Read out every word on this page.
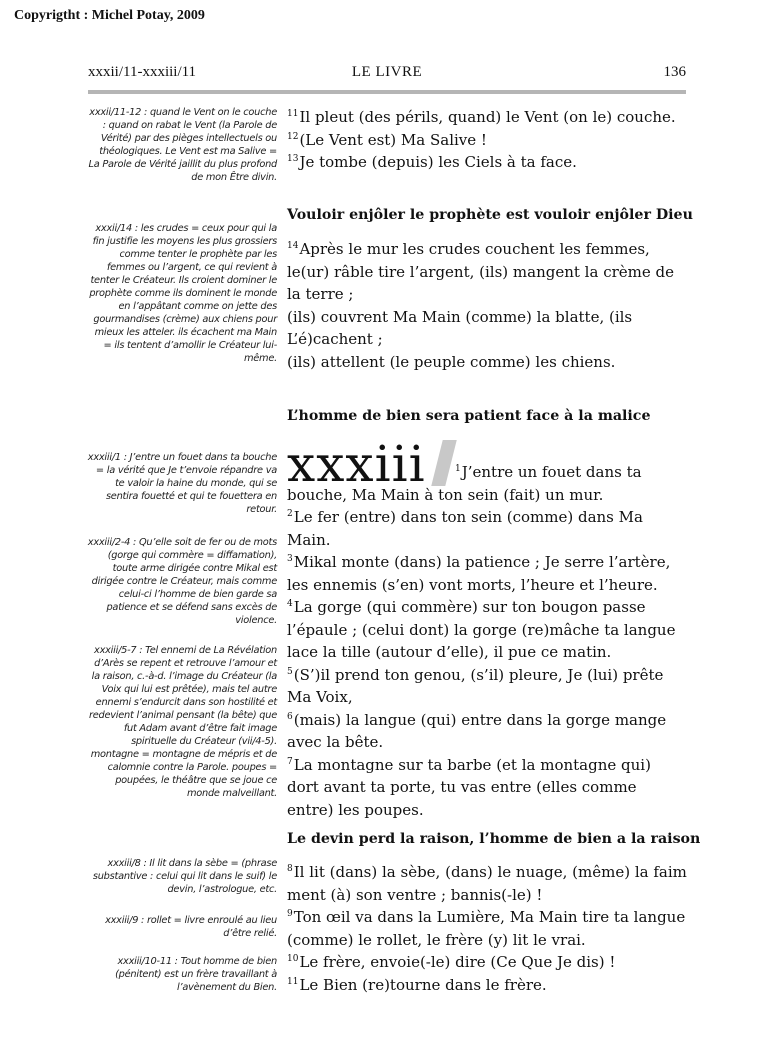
Copyrigtht : Michel Potay, 2009
xxxii/11-xxxiii/11	LE LIVRE	136
xxxii/11-12 : quand le Vent on le couche : quand on rabat le Vent (la Parole de Vérité) par des pièges intellectuels ou théologiques. Le Vent est ma Salive = La Parole de Vérité jaillit du plus profond de mon Être divin.
xxxii/14 : les crudes = ceux pour qui la fin justifie les moyens les plus grossiers comme tenter le prophète par les femmes ou l’argent, ce qui revient à tenter le Créateur. Ils croient dominer le prophète comme ils dominent le monde en l’appâtant comme on jette des gourmandises (crème) aux chiens pour mieux les atteler. ils écachent ma Main = ils tentent d’amollir le Créateur lui-même.
xxxiii/1 : J’entre un fouet dans ta bouche = la vérité que Je t’envoie répandre va te valoir la haine du monde, qui se sentira fouetté et qui te fouettera en retour.
xxxiii/2-4 : Qu’elle soit de fer ou de mots (gorge qui commère = diffamation), toute arme dirigée contre Mikal est dirigée contre le Créateur, mais comme celui-ci l’homme de bien garde sa patience et se défend sans excès de violence.
xxxiii/5-7 : Tel ennemi de La Révélation d’Arès se repent et retrouve l’amour et la raison, c.-à-d. l’image du Créateur (la Voix qui lui est prêtée), mais tel autre ennemi s’endurcit dans son hostilité et redevient l’animal pensant (la bête) que fut Adam avant d’être fait image spirituelle du Créateur (vii/4-5). montagne = montagne de mépris et de calomnie contre la Parole. poupes = poupées, le théâtre que se joue ce monde malveillant.
xxxiii/8 : Il lit dans la sèbe = (phrase substantive : celui qui lit dans le suif) le devin, l’astrologue, etc.
xxxiii/9 : rollet = livre enroulé au lieu d’être relié.
xxxiii/10-11 : Tout homme de bien (pénitent) est un frère travaillant à l’avènement du Bien.

$^{11}$Il pleut (des périls, quand) le Vent (on le) couche.

$^{12}$(Le Vent est) Ma Salive !

$^{13}$Je tombe (depuis) les Ciels à ta face.

Vouloir enjôler le prophète est vouloir enjôler Dieu

$^{14}$Après le mur les crudes couchent les femmes, le(ur) râble tire l’argent, (ils) mangent la crème de la terre ;

(ils) couvrent Ma Main (comme) la blatte, (ils L’é)cachent ;

(ils) attellent (le peuple comme) les chiens.

L’homme de bien sera patient face à la malice
xxxiii	$^1$J’entre un fouet dans ta bouche, Ma Main à ton sein (fait) un mur.

$^2$Le fer (entre) dans ton sein (comme) dans Ma Main.

$^3$Mikal monte (dans) la patience ; Je serre l’artère, les ennemis (s’en) vont morts, l’heure et l’heure.

$^4$La gorge (qui commère) sur ton bougon passe l’épaule ; (celui dont) la gorge (re)mâche ta langue lace la tille (autour d’elle), il pue ce matin.

$^5$(S’)il prend ton genou, (s’il) pleure, Je (lui) prête Ma Voix,

$^6$(mais) la langue (qui) entre dans la gorge mange avec la bête.

$^7$La montagne sur ta barbe (et la montagne qui) dort avant ta porte, tu vas entre (elles comme entre) les poupes.

Le devin perd la raison, l’homme de bien a la raison

$^8$Il lit (dans) la sèbe, (dans) le nuage, (même) la faim ment (à) son ventre ; bannis(-le) !

$^9$Ton œil va dans la Lumière, Ma Main tire ta langue (comme) le rollet, le frère (y) lit le vrai.

$^{10}$Le frère, envoie(-le) dire (Ce Que Je dis) !

$^{11}$Le Bien (re)tourne dans le frère.
